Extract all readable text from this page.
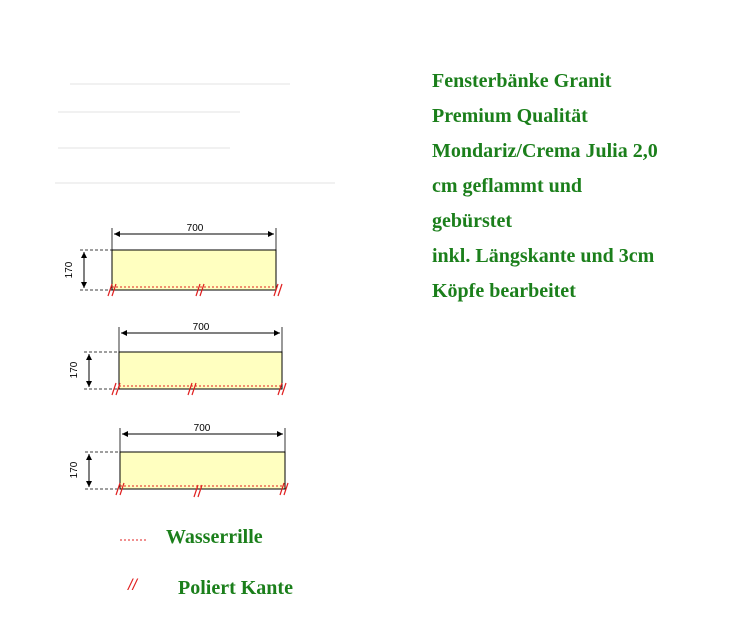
700
170
700
170
700
170
//
Fensterbänke Granit
Premium Qualität
Mondariz/Crema Julia 2,0
cm geflammt und
gebürstet
inkl. Längskante und 3cm
Köpfe bearbeitet
Wasserrille
Poliert Kante
